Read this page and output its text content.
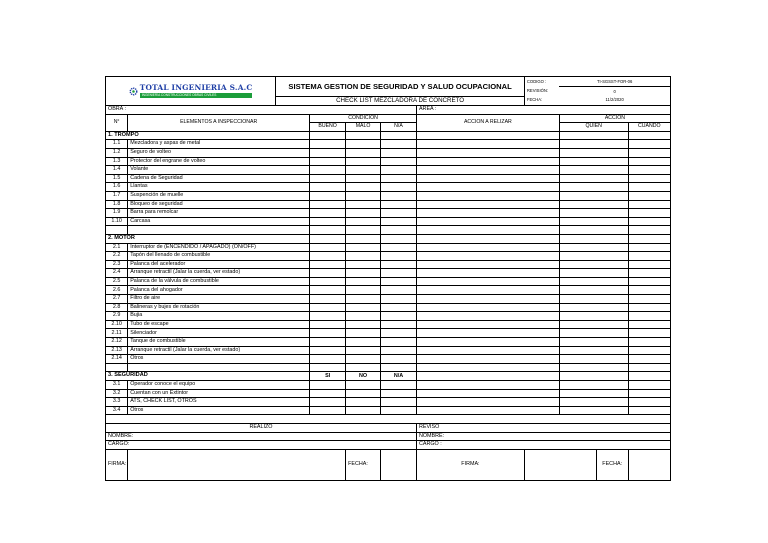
TOTAL INGENIERIA S.A.C
INGENIERÍA CONSTRUCCIONES OBRAS CIVILES		SISTEMA GESTION DE SEGURIDAD Y SALUD OCUPACIONAL					CODIGO :	TI-SGSST-FOR-06		
							REVISIÓN:	0		
		CHECK LIST MEZCLADORA DE CONCRETO					FECHA:	11/2/2020		
OBRA :						AREA :				
N°	ELEMENTOS A INSPECCIONAR		CONDICION			ACCION A RELIZAR		ACCIÓN		
			BUENO	MALO	N/A			QUIEN		CUANDO
1. TROMPO										
1.1	Mezcladora y aspas de metal									
1.2	Seguro de volteo									
1.3	Protector del engrane de volteo									
1.4	Volante									
1.5	Cadena de Seguridad									
1.6	Llantas									
1.7	Suspención de muelle									
1.8	Bloqueo de seguridad									
1.9	Barra para remolcar									
1.10	Carcasa									

2. MOTOR										
2.1	Interruptor de (ENCENDIDO / APAGADO) (ON/OFF)									
2.2	Tapón del llenado de combustible									
2.3	Palanca del acelerador									
2.4	Arranque retractil (Jalar la cuerda, ver estado)									
2.5	Palanca de la válvula de combustible									
2.6	Palanca del ahogador									
2.7	Filtro de aire									
2.8	Balineras y bujes de rotación									
2.9	Bujia									
2.10	Tubo de escape									
2.11	Silenciador									
2.12	Tanque de combustible									
2.13	Arranque retractil (Jalar la cuerda, ver estado)									
2.14	Otros									

3. SEGURIDAD			SI	NO	N/A					
3.1	Operador conoce el equipo									
3.2	Cuentan con un Extintor									
3.3	ATS, CHECK LIST, OTROS									
3.4	Otros									

REALIZO						REVISO				
NOMBRE:						NOMBRE:				
CARGO:						CARGO :				
FIRMA:				FECHA:		FIRMA:			FECHA:	
